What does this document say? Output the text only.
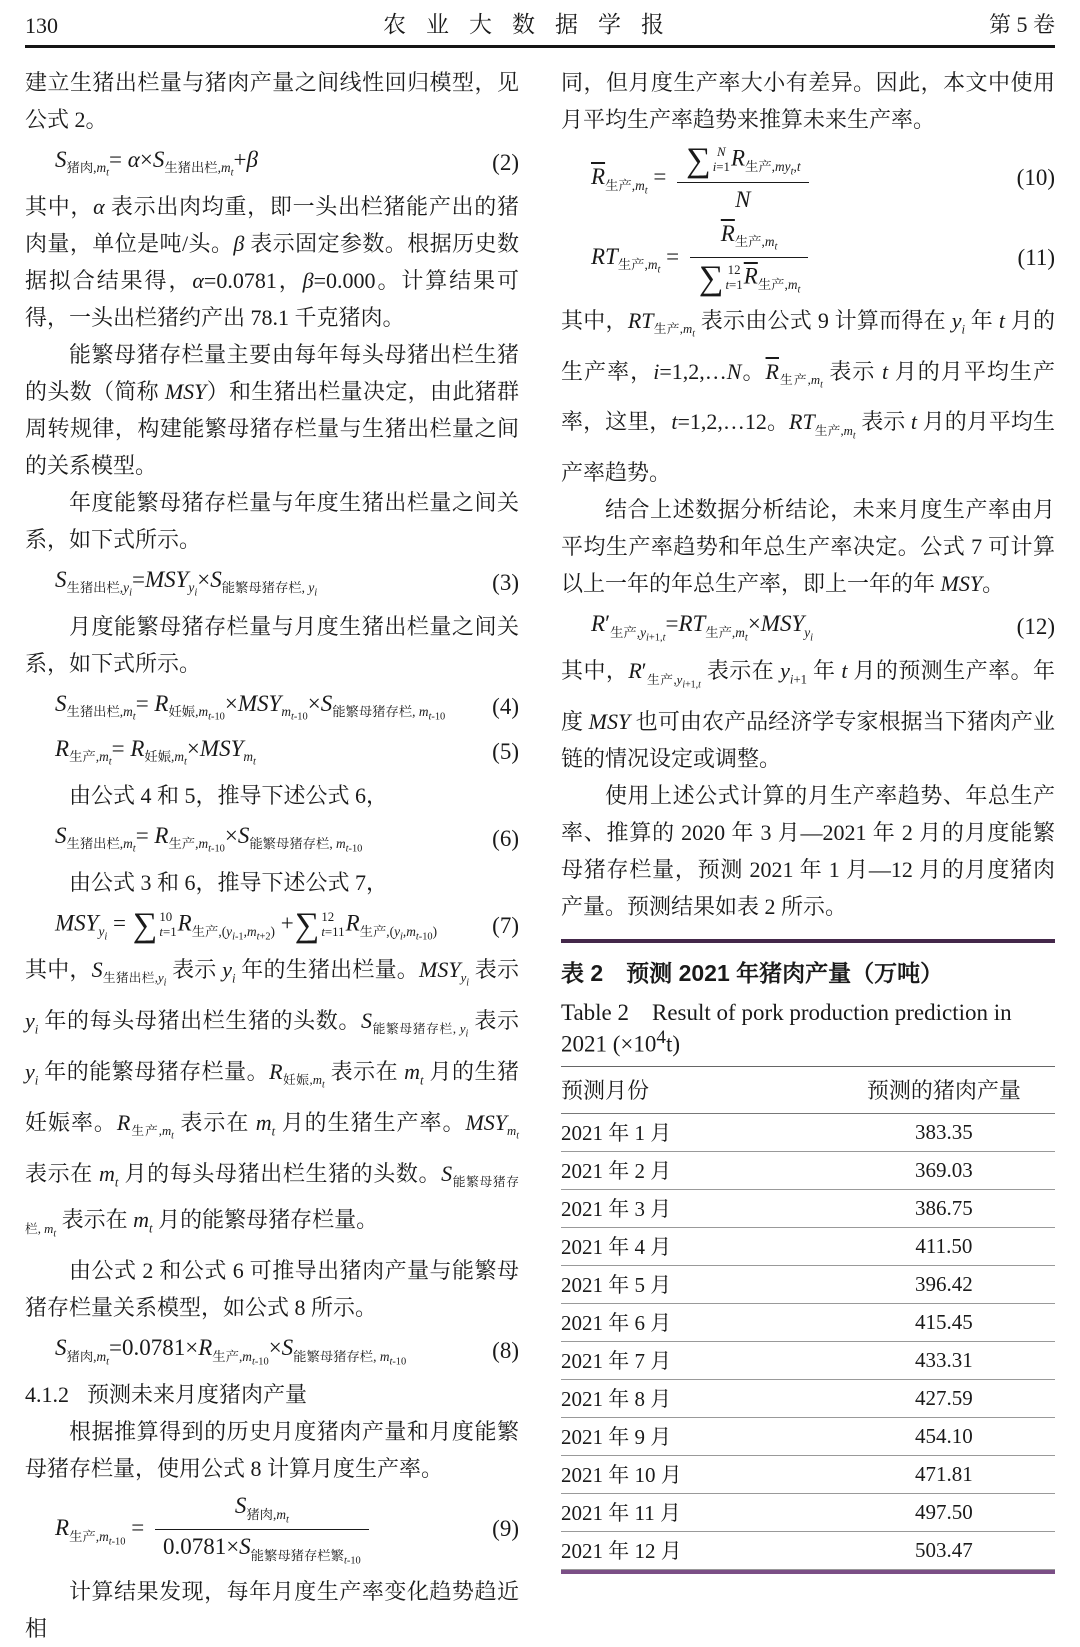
130	农业大数据学报	第 5 卷

建立生猪出栏量与猪肉产量之间线性回归模型，见公式 2。

$S_{猪肉,m_t}= \alpha\times S_{生猪出栏,m_t}+\beta$	(2)

其中，α 表示出肉均重，即一头出栏猪能产出的猪肉量，单位是吨/头。β 表示固定参数。根据历史数据拟合结果得，α=0.0781，β=0.000。计算结果可得，一头出栏猪约产出 78.1 千克猪肉。

能繁母猪存栏量主要由每年每头母猪出栏生猪的头数（简称 MSY）和生猪出栏量决定，由此猪群周转规律，构建能繁母猪存栏量与生猪出栏量之间的关系模型。

年度能繁母猪存栏量与年度生猪出栏量之间关系，如下式所示。

$S_{生猪出栏,y_i}=MSY_{y_i}\times S_{能繁母猪存栏, y_i}$	(3)

月度能繁母猪存栏量与月度生猪出栏量之间关系，如下式所示。

$S_{生猪出栏,m_t}= R_{妊娠,m_{t-10}}\times MSY_{m_{t-10}}\times S_{能繁母猪存栏, m_{t-10}}$	(4)
$R_{生产,m_t}= R_{妊娠,m_t}\times MSY_{m_t}$	(5)

由公式 4 和 5，推导下述公式 6，

$S_{生猪出栏,m_t}= R_{生产,m_{t-10}}\times S_{能繁母猪存栏, m_{t-10}}$	(6)

由公式 3 和 6，推导下述公式 7，

$MSY_{y_i}$ = ∑ 10
t=1 $R_{生产,(y_{i-1},m_{t+2})}$ + ∑ 12
t=11 $R_{生产,(y_i,m_{t-10})}$	(7)

其中，$S_{生猪出栏,y_i}$ 表示 $y_i$ 年的生猪出栏量。$MSY_{y_i}$ 表示 $y_i$ 年的每头母猪出栏生猪的头数。$S_{能繁母猪存栏, y_i}$ 表示 $y_i$ 年的能繁母猪存栏量。$R_{妊娠,m_t}$ 表示在 $m_t$ 月的生猪妊娠率。$R_{生产,m_t}$ 表示在 $m_t$ 月的生猪生产率。$MSY_{m_t}$ 表示在 $m_t$ 月的每头母猪出栏生猪的头数。$S_{能繁母猪存栏, m_t}$ 表示在 $m_t$ 月的能繁母猪存栏量。

由公式 2 和公式 6 可推导出猪肉产量与能繁母猪存栏量关系模型，如公式 8 所示。

$S_{猪肉,m_t}=0.0781\times R_{生产,m_{t-10}}\times S_{能繁母猪存栏, m_{t-10}}$	(8)
4.1.2 预测未来月度猪肉产量

根据推算得到的历史月度猪肉产量和月度能繁母猪存栏量，使用公式 8 计算月度生产率。

$R_{生产,m_{t-10}} = \frac{S_{猪肉,m_t}}{0.0781\times S_{能繁母猪存栏繁_{t-10}}}$	(9)

计算结果发现，每年月度生产率变化趋势趋近相

同，但月度生产率大小有差异。因此，本文中使用月平均生产率趋势来推算未来生产率。

$\overline{R}_{生产,m_t}$ = ∑ N
i=1 $R_{生产,my_t,t}$
N	(10)
$RT_{生产,m_t} = \overline{R}_{生产,m_t}$
∑ 12
t=1 $\overline{R}_{生产,m_t}$	(11)

其中，$RT_{生产,m_t}$ 表示由公式 9 计算而得在 $y_i$ 年 t 月的生产率，i=1,2,…N。$\overline{R}_{生产,m_t}$ 表示 t 月的月平均生产率，这里，t=1,2,…12。$RT_{生产,m_t}$ 表示 t 月的月平均生产率趋势。

结合上述数据分析结论，未来月度生产率由月平均生产率趋势和年总生产率决定。公式 7 可计算以上一年的年总生产率，即上一年的年 MSY。

$R'_{生产,y_{i+1,t}}=RT_{生产,m_t}\times MSY_{y_i}$	(12)

其中，$R'_{生产,y_{i+1,t}}$ 表示在 $y_{i+1}$ 年 t 月的预测生产率。年度 MSY 也可由农产品经济学专家根据当下猪肉产业链的情况设定或调整。

使用上述公式计算的月生产率趋势、年总生产率、推算的 2020 年 3 月—2021 年 2 月的月度能繁母猪存栏量，预测 2021 年 1 月—12 月的月度猪肉产量。预测结果如表 2 所示。

表 2　预测 2021 年猪肉产量（万吨）
Table 2　Result of pork production prediction in 2021 $(\times 10^4t)$
预测月份	预测的猪肉产量
2021 年 1 月	383.35
2021 年 2 月	369.03
2021 年 3 月	386.75
2021 年 4 月	411.50
2021 年 5 月	396.42
2021 年 6 月	415.45
2021 年 7 月	433.31
2021 年 8 月	427.59
2021 年 9 月	454.10
2021 年 10 月	471.81
2021 年 11 月	497.50
2021 年 12 月	503.47
